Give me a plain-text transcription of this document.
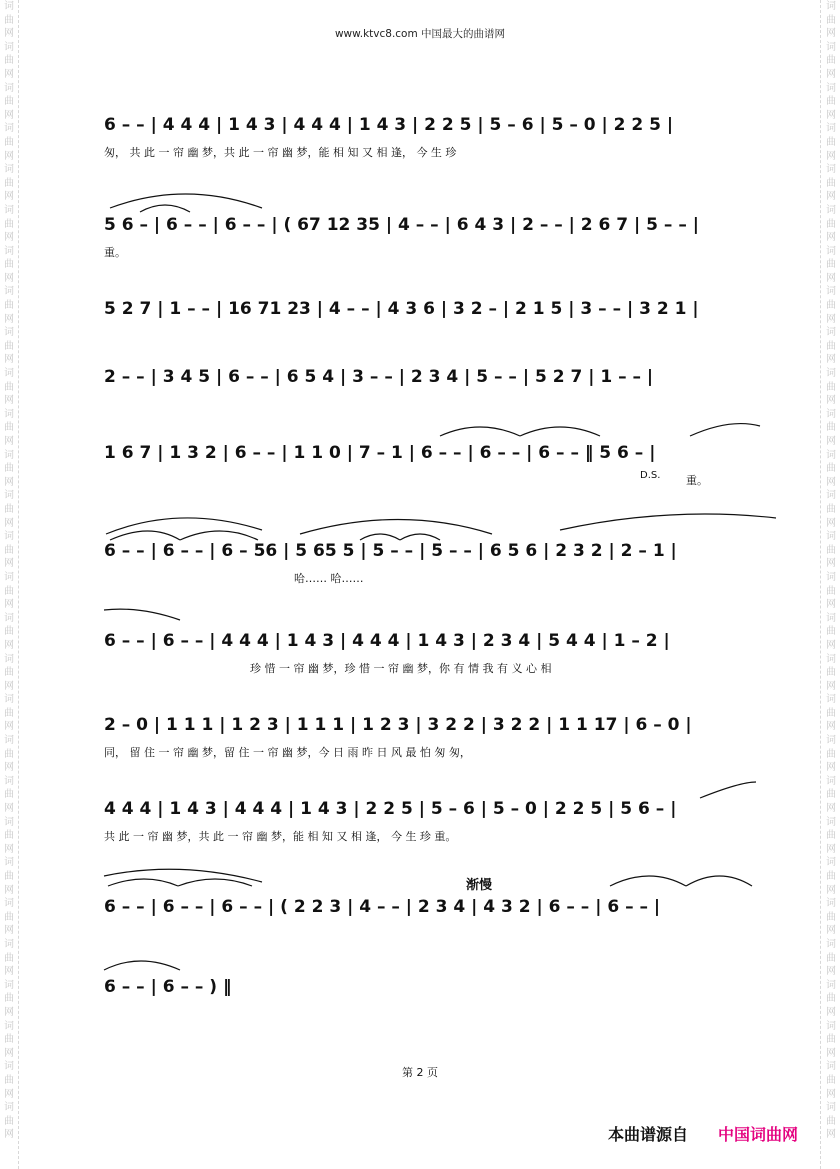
词曲网词曲网词曲网词曲网词曲网词曲网词曲网词曲网词曲网词曲网词曲网词曲网词曲网词曲网词曲网词曲网词曲网词曲网词曲网词曲网词曲网词曲网词曲网词曲网词曲网词曲网词曲网词曲网
词曲网词曲网词曲网词曲网词曲网词曲网词曲网词曲网词曲网词曲网词曲网词曲网词曲网词曲网词曲网词曲网词曲网词曲网词曲网词曲网词曲网词曲网词曲网词曲网词曲网词曲网词曲网词曲网
www.ktvc8.com 中国最大的曲谱网
6 – – | 4 4 4 | 1 4 3 | 4 4 4 | 1 4 3 | 2 2 5 | 5 – 6 | 5 – 0 | 2 2 5 |
匆， 共 此 一 帘 幽 梦，共 此 一 帘 幽 梦，能 相 知 又 相 逢， 今 生 珍
5 6 – | 6 – – | 6 – – | ( 67 12 35 | 4 – – | 6 4 3 | 2 – – | 2 6 7 | 5 – – |
重。
5 2 7 | 1 – – | 16 71 23 | 4 – – | 4 3 6 | 3 2 – | 2 1 5 | 3 – – | 3 2 1 |
2 – – | 3 4 5 | 6 – – | 6 5 4 | 3 – – | 2 3 4 | 5 – – | 5 2 7 | 1 – – |
1 6 7 | 1 3 2 | 6 – – | 1 1 0 | 7 – 1 | 6 – – | 6 – – | 6 – – ‖ 5 6 – |
重。
6 – – | 6 – – | 6 – 56 | 5 65 5 | 5 – – | 5 – – | 6 5 6 | 2 3 2 | 2 – 1 |
哈…… 哈……
6 – – | 6 – – | 4 4 4 | 1 4 3 | 4 4 4 | 1 4 3 | 2 3 4 | 5 4 4 | 1 – 2 |
珍 惜 一 帘 幽 梦，珍 惜 一 帘 幽 梦，你 有 情 我 有 义 心 相
2 – 0 | 1 1 1 | 1 2 3 | 1 1 1 | 1 2 3 | 3 2 2 | 3 2 2 | 1 1 17 | 6 – 0 |
同， 留 住 一 帘 幽 梦，留 住 一 帘 幽 梦，今 日 雨 昨 日 风 最 怕 匆 匆，
4 4 4 | 1 4 3 | 4 4 4 | 1 4 3 | 2 2 5 | 5 – 6 | 5 – 0 | 2 2 5 | 5 6 – |
共 此 一 帘 幽 梦，共 此 一 帘 幽 梦，能 相 知 又 相 逢， 今 生 珍 重。
6 – – | 6 – – | 6 – – | ( 2 2 3 | 4 – – | 2 3 4 | 4 3 2 | 6 – – | 6 – – |
6 – – | 6 – – ) ‖
D.S.
渐慢
第 2 页
本曲谱源自 中国词曲网
